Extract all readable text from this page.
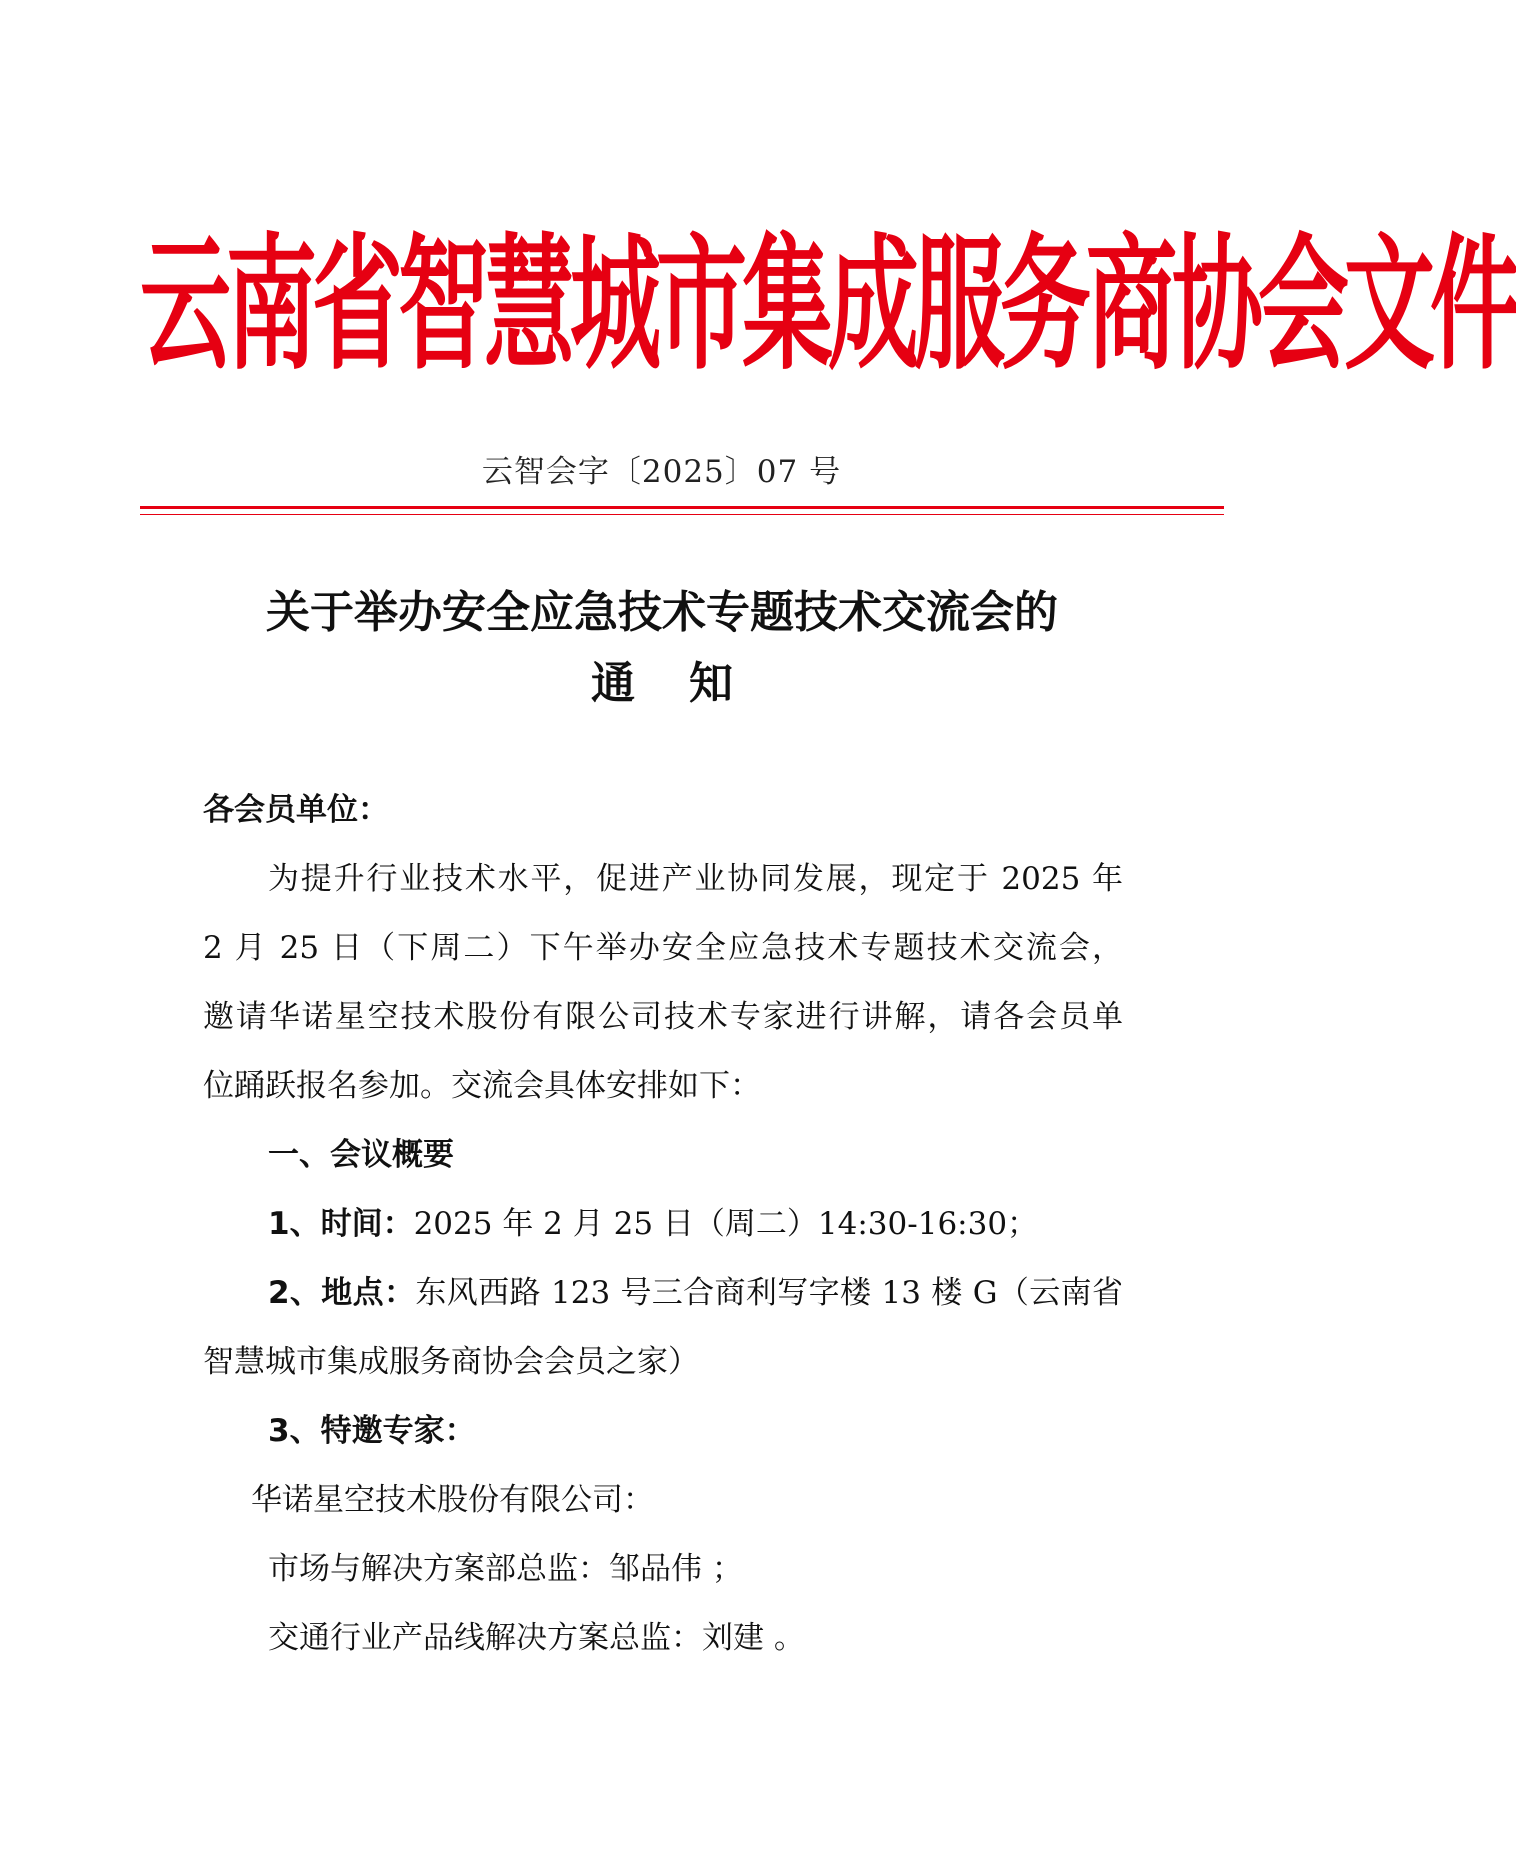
云南省智慧城市集成服务商协会文件
云智会字〔2025〕07 号
关于举办安全应急技术专题技术交流会的
通知
各会员单位：
为提升行业技术水平，促进产业协同发展，现定于 2025 年
2 月 25 日（下周二）下午举办安全应急技术专题技术交流会，
邀请华诺星空技术股份有限公司技术专家进行讲解，请各会员单
位踊跃报名参加。交流会具体安排如下：
一、会议概要
1、时间：2025 年 2 月 25 日（周二）14:30-16:30；
2、地点：东风西路 123 号三合商利写字楼 13 楼 G（云南省
智慧城市集成服务商协会会员之家）
3、特邀专家：
华诺星空技术股份有限公司：
市场与解决方案部总监：邹品伟 ；
交通行业产品线解决方案总监：刘建 。
